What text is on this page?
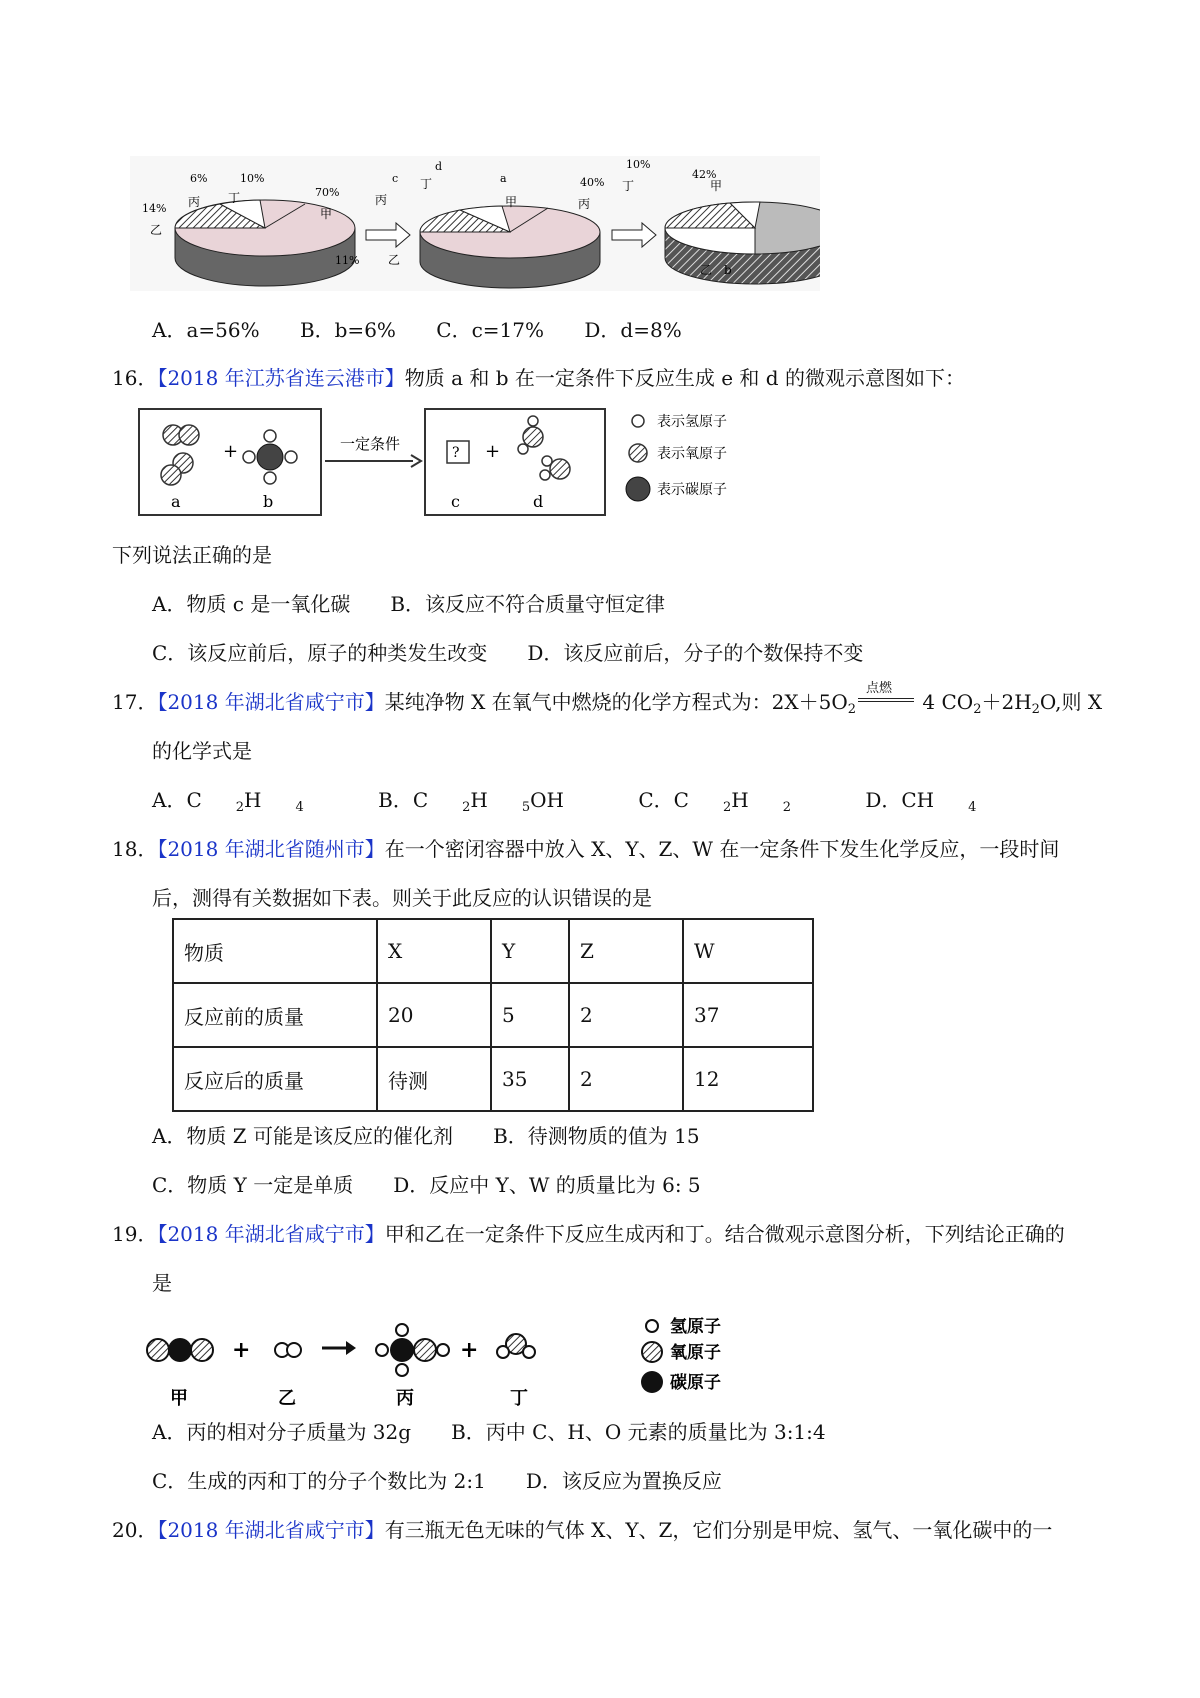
6%	10%
70%
14% 丙 丁
甲
乙
c
d
a
丙
丁
甲
11% 乙
10%
42%
40%
丙
丁	甲
乙 b
A．a=56% B．b=6% C．c=17% D．d=8%
16．【2018 年江苏省连云港市】物质 a 和 b 在一定条件下反应生成 e 和 d 的微观示意图如下：
+
a	b
一定条件	? +
c	d
表示氢原子
表示氧原子
表示碳原子
下列说法正确的是
A．物质 c 是一氧化碳 B．该反应不符合质量守恒定律
C．该反应前后，原子的种类发生改变 D．该反应前后，分子的个数保持不变
17．【2018 年湖北省咸宁市】某纯净物 X 在氧气中燃烧的化学方程式为：$2X+5O_2$
点燃
4 $CO_2+2H_2O$,则 X
的化学式是
A．C	$_2$H	$_4$	B．C	$_2$H	$_5$OH	C．C	$_2$H	$_2$	D．CH	$_4$
18．【2018 年湖北省随州市】在一个密闭容器中放入 X、Y、Z、W 在一定条件下发生化学反应，一段时间
后，测得有关数据如下表。则关于此反应的认识错误的是
物质	X	Y	Z	W
反应前的质量	20	5	2	37
反应后的质量	待测	35	2	12
A．物质 Z 可能是该反应的催化剂 B．待测物质的值为 15
C．物质 Y 一定是单质 D．反应中 Y、W 的质量比为 6: 5
19．【2018 年湖北省咸宁市】甲和乙在一定条件下反应生成丙和丁。结合微观示意图分析，下列结论正确的
是
+	+
甲	乙	丙	丁
氢原子
氧原子
碳原子
A．丙的相对分子质量为 32g B．丙中 C、H、O 元素的质量比为 3:1:4
C．生成的丙和丁的分子个数比为 2:1 D．该反应为置换反应
20．【2018 年湖北省咸宁市】有三瓶无色无味的气体 X、Y、Z，它们分别是甲烷、氢气、一氧化碳中的一
